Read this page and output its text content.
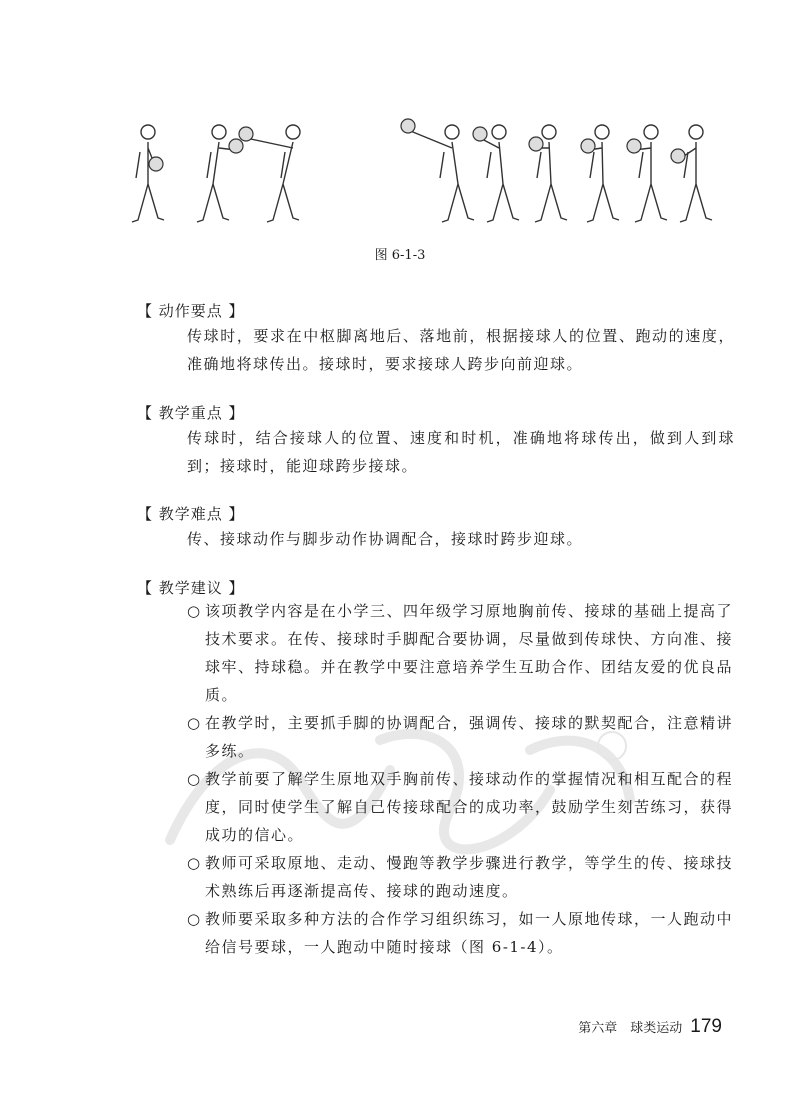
图 6-1-3
【 动作要点 】
传球时，要求在中枢脚离地后、落地前，根据接球人的位置、跑动的速度，准确地将球传出。接球时，要求接球人跨步向前迎球。
【 教学重点 】
传球时，结合接球人的位置、速度和时机，准确地将球传出，做到人到球到；接球时，能迎球跨步接球。
【 教学难点 】
传、接球动作与脚步动作协调配合，接球时跨步迎球。
【 教学建议 】
○ 该项教学内容是在小学三、四年级学习原地胸前传、接球的基础上提高了技术要求。在传、接球时手脚配合要协调，尽量做到传球快、方向准、接球牢、持球稳。并在教学中要注意培养学生互助合作、团结友爱的优良品质。
○ 在教学时，主要抓手脚的协调配合，强调传、接球的默契配合，注意精讲多练。
○ 教学前要了解学生原地双手胸前传、接球动作的掌握情况和相互配合的程度，同时使学生了解自己传接球配合的成功率，鼓励学生刻苦练习，获得成功的信心。
○ 教师可采取原地、走动、慢跑等教学步骤进行教学，等学生的传、接球技术熟练后再逐渐提高传、接球的跑动速度。
○ 教师要采取多种方法的合作学习组织练习，如一人原地传球，一人跑动中给信号要球，一人跑动中随时接球（图 6-1-4）。
第六章　球类运动 179
